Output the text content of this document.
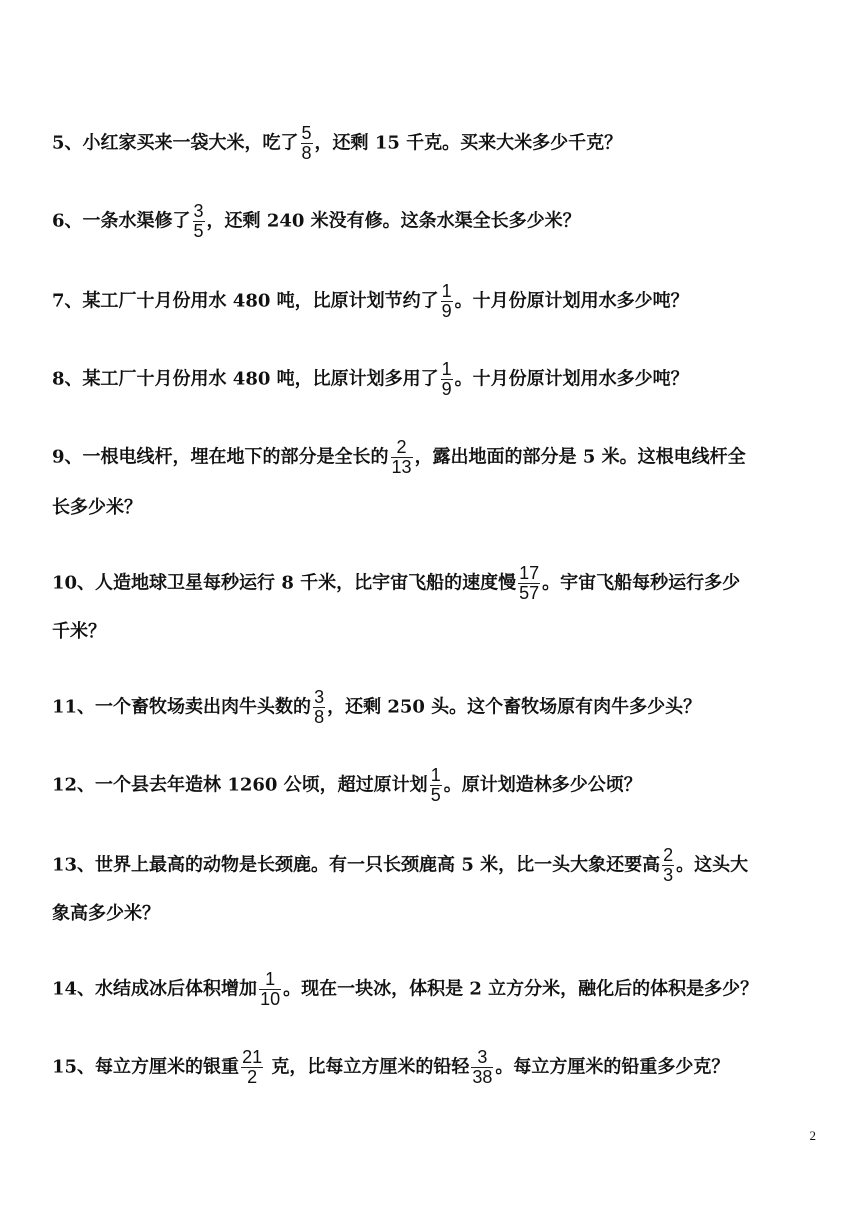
5、小红家买来一袋大米，吃了 $\frac{5}{8}$ ，还剩 15 千克。买来大米多少千克？
6、一条水渠修了 $\frac{3}{5}$ ，还剩 240 米没有修。这条水渠全长多少米？
7、某工厂十月份用水 480 吨，比原计划节约了 $\frac{1}{9}$ 。十月份原计划用水多少吨？
8、某工厂十月份用水 480 吨，比原计划多用了 $\frac{1}{9}$ 。十月份原计划用水多少吨？
9、一根电线杆，埋在地下的部分是全长的 $\frac{2}{13}$ ，露出地面的部分是 5 米。这根电线杆全
长多少米？
10、人造地球卫星每秒运行 8 千米，比宇宙飞船的速度慢 $\frac{17}{57}$ 。宇宙飞船每秒运行多少
千米？
11、一个畜牧场卖出肉牛头数的 $\frac{3}{8}$ ，还剩 250 头。这个畜牧场原有肉牛多少头？
12、一个县去年造林 1260 公顷，超过原计划 $\frac{1}{5}$ 。原计划造林多少公顷？
13、世界上最高的动物是长颈鹿。有一只长颈鹿高 5 米，比一头大象还要高 $\frac{2}{3}$ 。这头大
象高多少米？
14、水结成冰后体积增加 $\frac{1}{10}$ 。现在一块冰，体积是 2 立方分米，融化后的体积是多少？
15、每立方厘米的银重 $\frac{21}{2}$ 克，比每立方厘米的铅轻 $\frac{3}{38}$ 。每立方厘米的铅重多少克？
2
